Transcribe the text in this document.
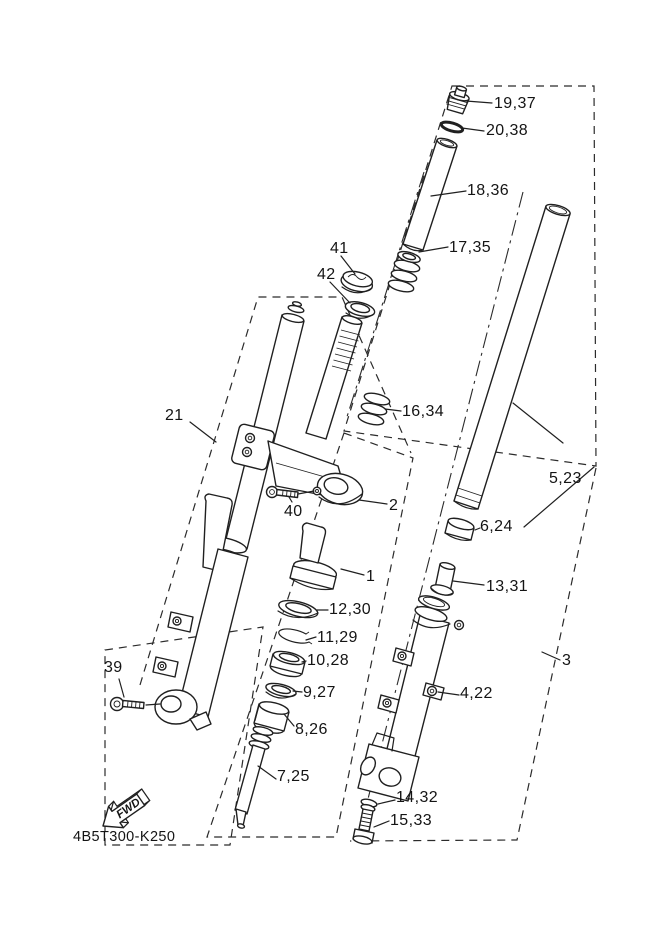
FWD
19,37
20,38
18,36
17,35
41
42
16,34
5,23
6,24
13,31
3
21
2
40
1
12,30
11,29
10,28
9,27
8,26
7,25
4,22
14,32
15,33
39
4B5T300-K250
